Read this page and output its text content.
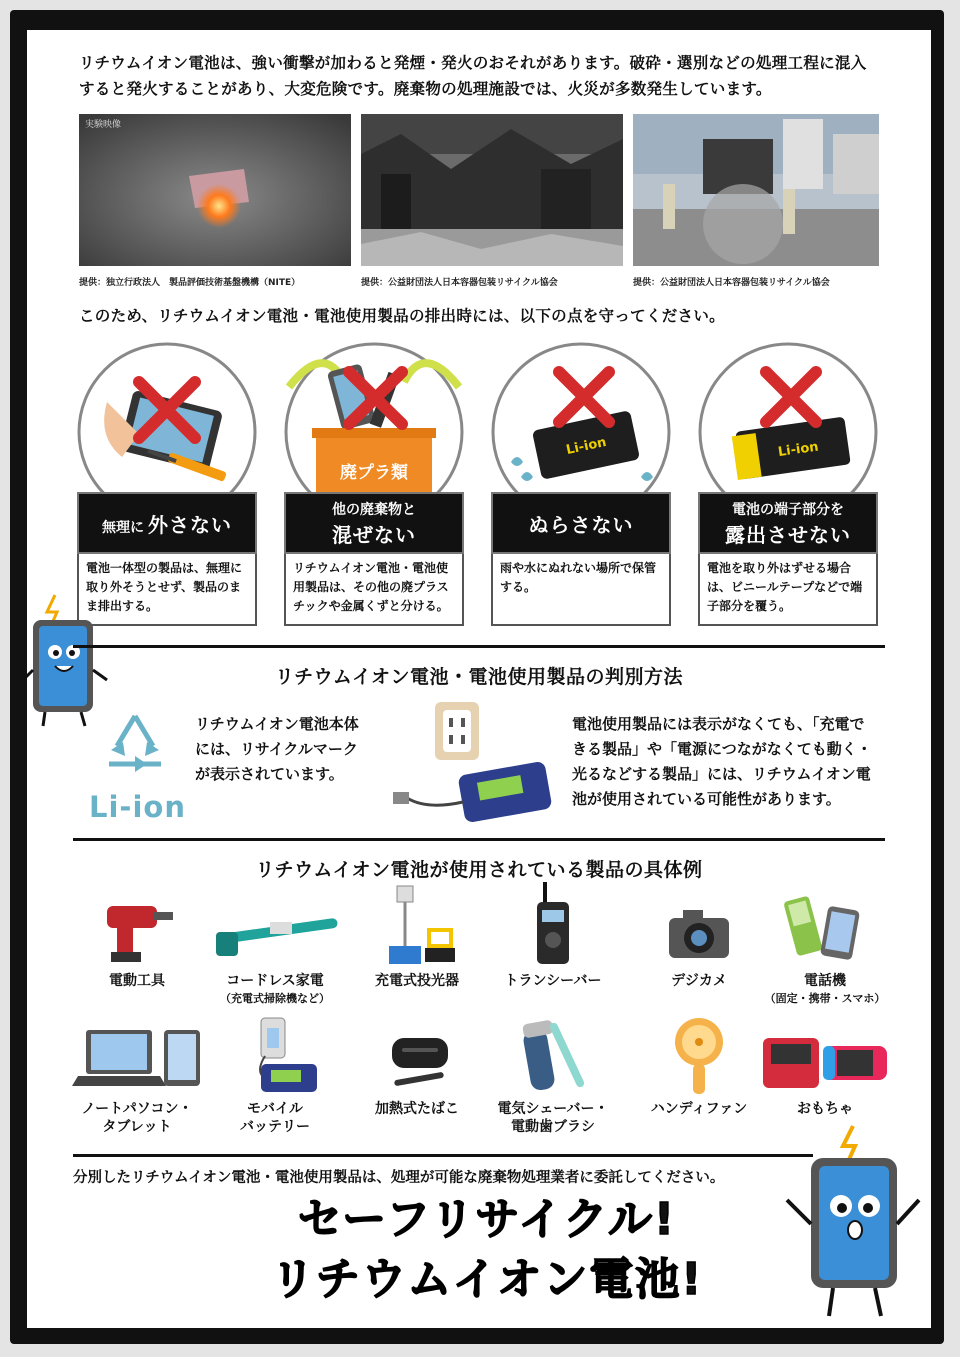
リチウムイオン電池は、強い衝撃が加わると発煙・発火のおそれがあります。破砕・選別などの処理工程に混入
すると発火することがあり、大変危険です。廃棄物の処理施設では、火災が多数発生しています。
実験映像
提供：独立行政法人　製品評価技術基盤機構（NITE）	提供：公益財団法人日本容器包装リサイクル協会	提供：公益財団法人日本容器包装リサイクル協会
このため、リチウムイオン電池・電池使用製品の排出時には、以下の点を守ってください。
無理に 外さない
電池一体型の製品は、無理に取り外そうとせず、製品のまま排出する。
廃プラ類
他の廃棄物と
混ぜない
リチウムイオン電池・電池使用製品は、その他の廃プラスチックや金属くずと分ける。
Li-ion
ぬらさない
雨や水にぬれない場所で保管する。
Li-ion
電池の端子部分を
露出させない
電池を取り外はずせる場合は、ビニールテープなどで端子部分を覆う。
リチウムイオン電池・電池使用製品の判別方法
Li-ion
リチウムイオン電池本体
には、リサイクルマーク
が表示されています。
電池使用製品には表示がなくても、「充電で
きる製品」や「電源につながなくても動く・
光るなどする製品」には、リチウムイオン電
池が使用されている可能性があります。
リチウムイオン電池が使用されている製品の具体例
電動工具	コードレス家電
（充電式掃除機など）
充電式投光器	トランシーバー	デジカメ	電話機
（固定・携帯・スマホ）
ノートパソコン・
タブレット
モバイル
バッテリー
加熱式たばこ	電気シェーバー・
電動歯ブラシ
ハンディファン	おもちゃ
分別したリチウムイオン電池・電池使用製品は、処理が可能な廃棄物処理業者に委託してください。
セーフリサイクル!
リチウムイオン電池!
